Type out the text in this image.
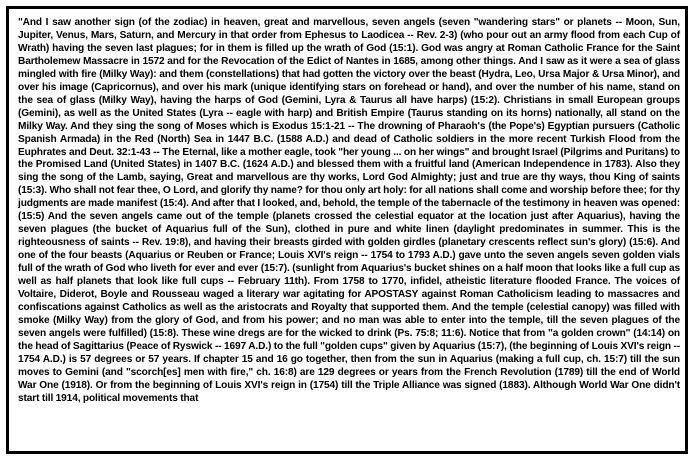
"And I saw another sign (of the zodiac) in heaven, great and marvellous, seven angels (seven "wandering stars" or planets -- Moon, Sun, Jupiter, Venus, Mars, Saturn, and Mercury in that order from Ephesus to Laodicea -- Rev. 2-3) (who pour out an army flood from each Cup of Wrath) having the seven last plagues; for in them is filled up the wrath of God (15:1). God was angry at Roman Catholic France for the Saint Bartholemew Massacre in 1572 and for the Revocation of the Edict of Nantes in 1685, among other things. And I saw as it were a sea of glass mingled with fire (Milky Way): and them (constellations) that had gotten the victory over the beast (Hydra, Leo, Ursa Major & Ursa Minor), and over his image (Capricornus), and over his mark (unique identifying stars on forehead or hand), and over the number of his name, stand on the sea of glass (Milky Way), having the harps of God (Gemini, Lyra & Taurus all have harps) (15:2). Christians in small European groups (Gemini), as well as the United States (Lyra -- eagle with harp) and British Empire (Taurus standing on its horns) nationally, all stand on the Milky Way. And they sing the song of Moses which is Exodus 15:1-21 -- The drowning of Pharaoh's (the Pope's) Egyptian pursuers (Catholic Spanish Armada) in the Red (North) Sea in 1447 B.C. (1588 A.D.) and dead of Catholic soldiers in the more recent Turkish Flood from the Euphrates and Deut. 32:1-43 -- The Eternal, like a mother eagle, took "her young ... on her wings" and brought Israel (Pilgrims and Puritans) to the Promised Land (United States) in 1407 B.C. (1624 A.D.) and blessed them with a fruitful land (American Independence in 1783). Also they sing the song of the Lamb, saying, Great and marvellous are thy works, Lord God Almighty; just and true are thy ways, thou King of saints (15:3). Who shall not fear thee, O Lord, and glorify thy name? for thou only art holy: for all nations shall come and worship before thee; for thy judgments are made manifest (15:4). And after that I looked, and, behold, the temple of the tabernacle of the testimony in heaven was opened: (15:5) And the seven angels came out of the temple (planets crossed the celestial equator at the location just after Aquarius), having the seven plagues (the bucket of Aquarius full of the Sun), clothed in pure and white linen (daylight predominates in summer. This is the righteousness of saints -- Rev. 19:8), and having their breasts girded with golden girdles (planetary crescents reflect sun's glory) (15:6). And one of the four beasts (Aquarius or Reuben or France; Louis XVI's reign -- 1754 to 1793 A.D.) gave unto the seven angels seven golden vials full of the wrath of God who liveth for ever and ever (15:7). (sunlight from Aquarius's bucket shines on a half moon that looks like a full cup as well as half planets that look like full cups -- February 11th). From 1758 to 1770, infidel, atheistic literature flooded France. The voices of Voltaire, Diderot, Boyle and Rousseau waged a literary war agitating for APOSTASY against Roman Catholicism leading to massacres and confiscations against Catholics as well as the aristocrats and Royalty that supported them. And the temple (celestial canopy) was filled with smoke (Milky Way) from the glory of God, and from his power; and no man was able to enter into the temple, till the seven plagues of the seven angels were fulfilled) (15:8). These wine dregs are for the wicked to drink (Ps. 75:8; 11:6). Notice that from "a golden crown" (14:14) on the head of Sagittarius (Peace of Ryswick -- 1697 A.D.) to the full "golden cups" given by Aquarius (15:7), (the beginning of Louis XVI's reign -- 1754 A.D.) is 57 degrees or 57 years. If chapter 15 and 16 go together, then from the sun in Aquarius (making a full cup, ch. 15:7) till the sun moves to Gemini (and "scorch[es] men with fire," ch. 16:8) are 129 degrees or years from the French Revolution (1789) till the end of World War One (1918). Or from the beginning of Louis XVI's reign in (1754) till the Triple Alliance was signed (1883). Although World War One didn't start till 1914, political movements that
